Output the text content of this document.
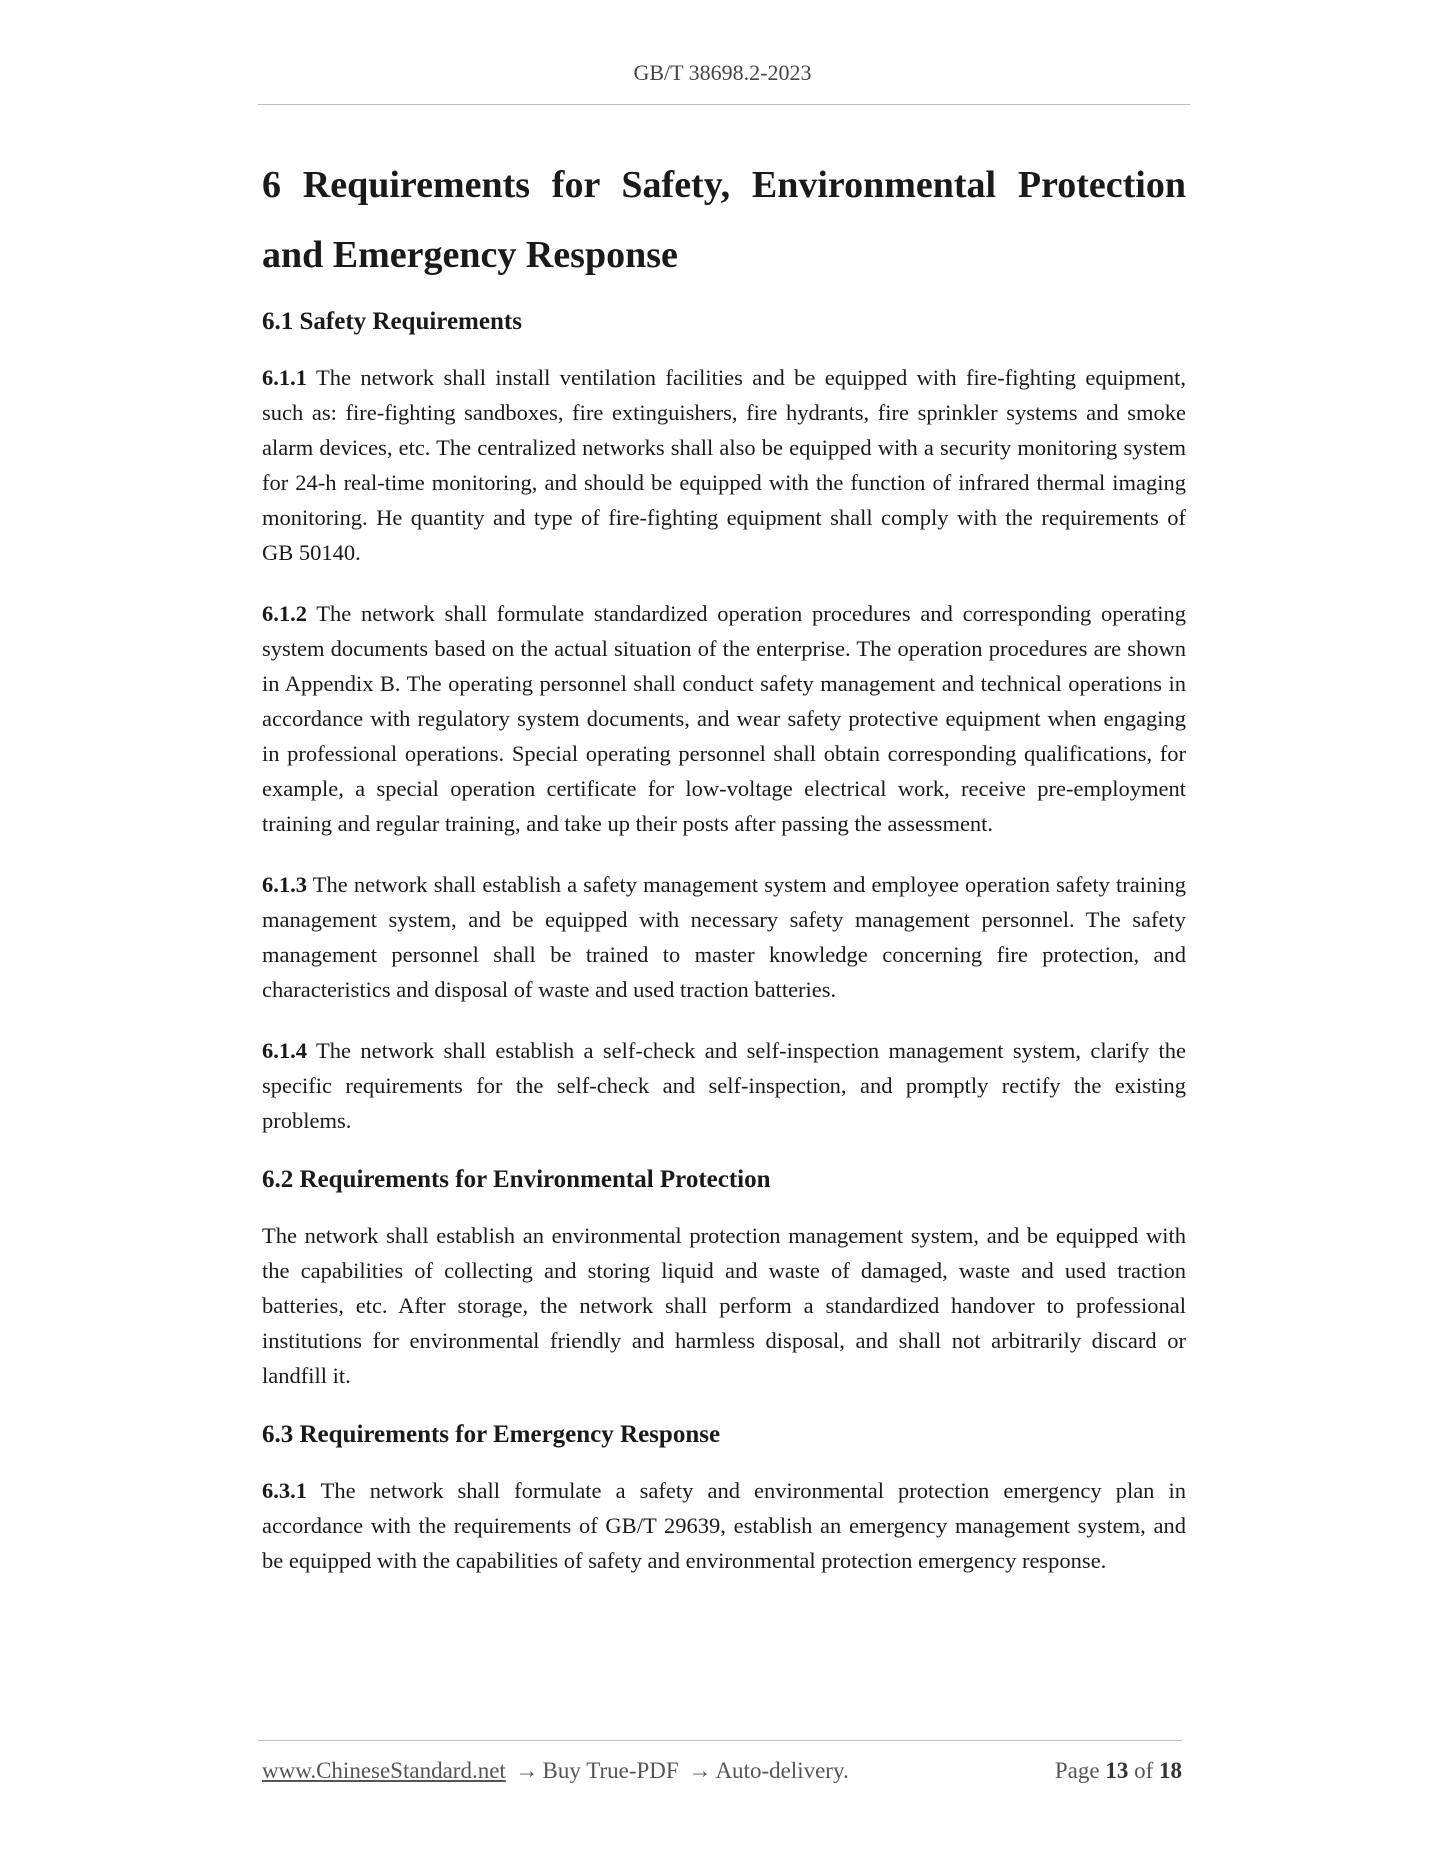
GB/T 38698.2-2023
6 Requirements for Safety, Environmental Protection and Emergency Response
6.1 Safety Requirements

6.1.1 The network shall install ventilation facilities and be equipped with fire-fighting equipment, such as: fire-fighting sandboxes, fire extinguishers, fire hydrants, fire sprinkler systems and smoke alarm devices, etc. The centralized networks shall also be equipped with a security monitoring system for 24-h real-time monitoring, and should be equipped with the function of infrared thermal imaging monitoring. He quantity and type of fire-fighting equipment shall comply with the requirements of GB 50140.

6.1.2 The network shall formulate standardized operation procedures and corresponding operating system documents based on the actual situation of the enterprise. The operation procedures are shown in Appendix B. The operating personnel shall conduct safety management and technical operations in accordance with regulatory system documents, and wear safety protective equipment when engaging in professional operations. Special operating personnel shall obtain corresponding qualifications, for example, a special operation certificate for low-voltage electrical work, receive pre-employment training and regular training, and take up their posts after passing the assessment.

6.1.3 The network shall establish a safety management system and employee operation safety training management system, and be equipped with necessary safety management personnel. The safety management personnel shall be trained to master knowledge concerning fire protection, and characteristics and disposal of waste and used traction batteries.

6.1.4 The network shall establish a self-check and self-inspection management system, clarify the specific requirements for the self-check and self-inspection, and promptly rectify the existing problems.

6.2 Requirements for Environmental Protection

The network shall establish an environmental protection management system, and be equipped with the capabilities of collecting and storing liquid and waste of damaged, waste and used traction batteries, etc. After storage, the network shall perform a standardized handover to professional institutions for environmental friendly and harmless disposal, and shall not arbitrarily discard or landfill it.

6.3 Requirements for Emergency Response

6.3.1 The network shall formulate a safety and environmental protection emergency plan in accordance with the requirements of GB/T 29639, establish an emergency management system, and be equipped with the capabilities of safety and environmental protection emergency response.

www.ChineseStandard.net → Buy True-PDF → Auto-delivery.	Page 13 of 18
